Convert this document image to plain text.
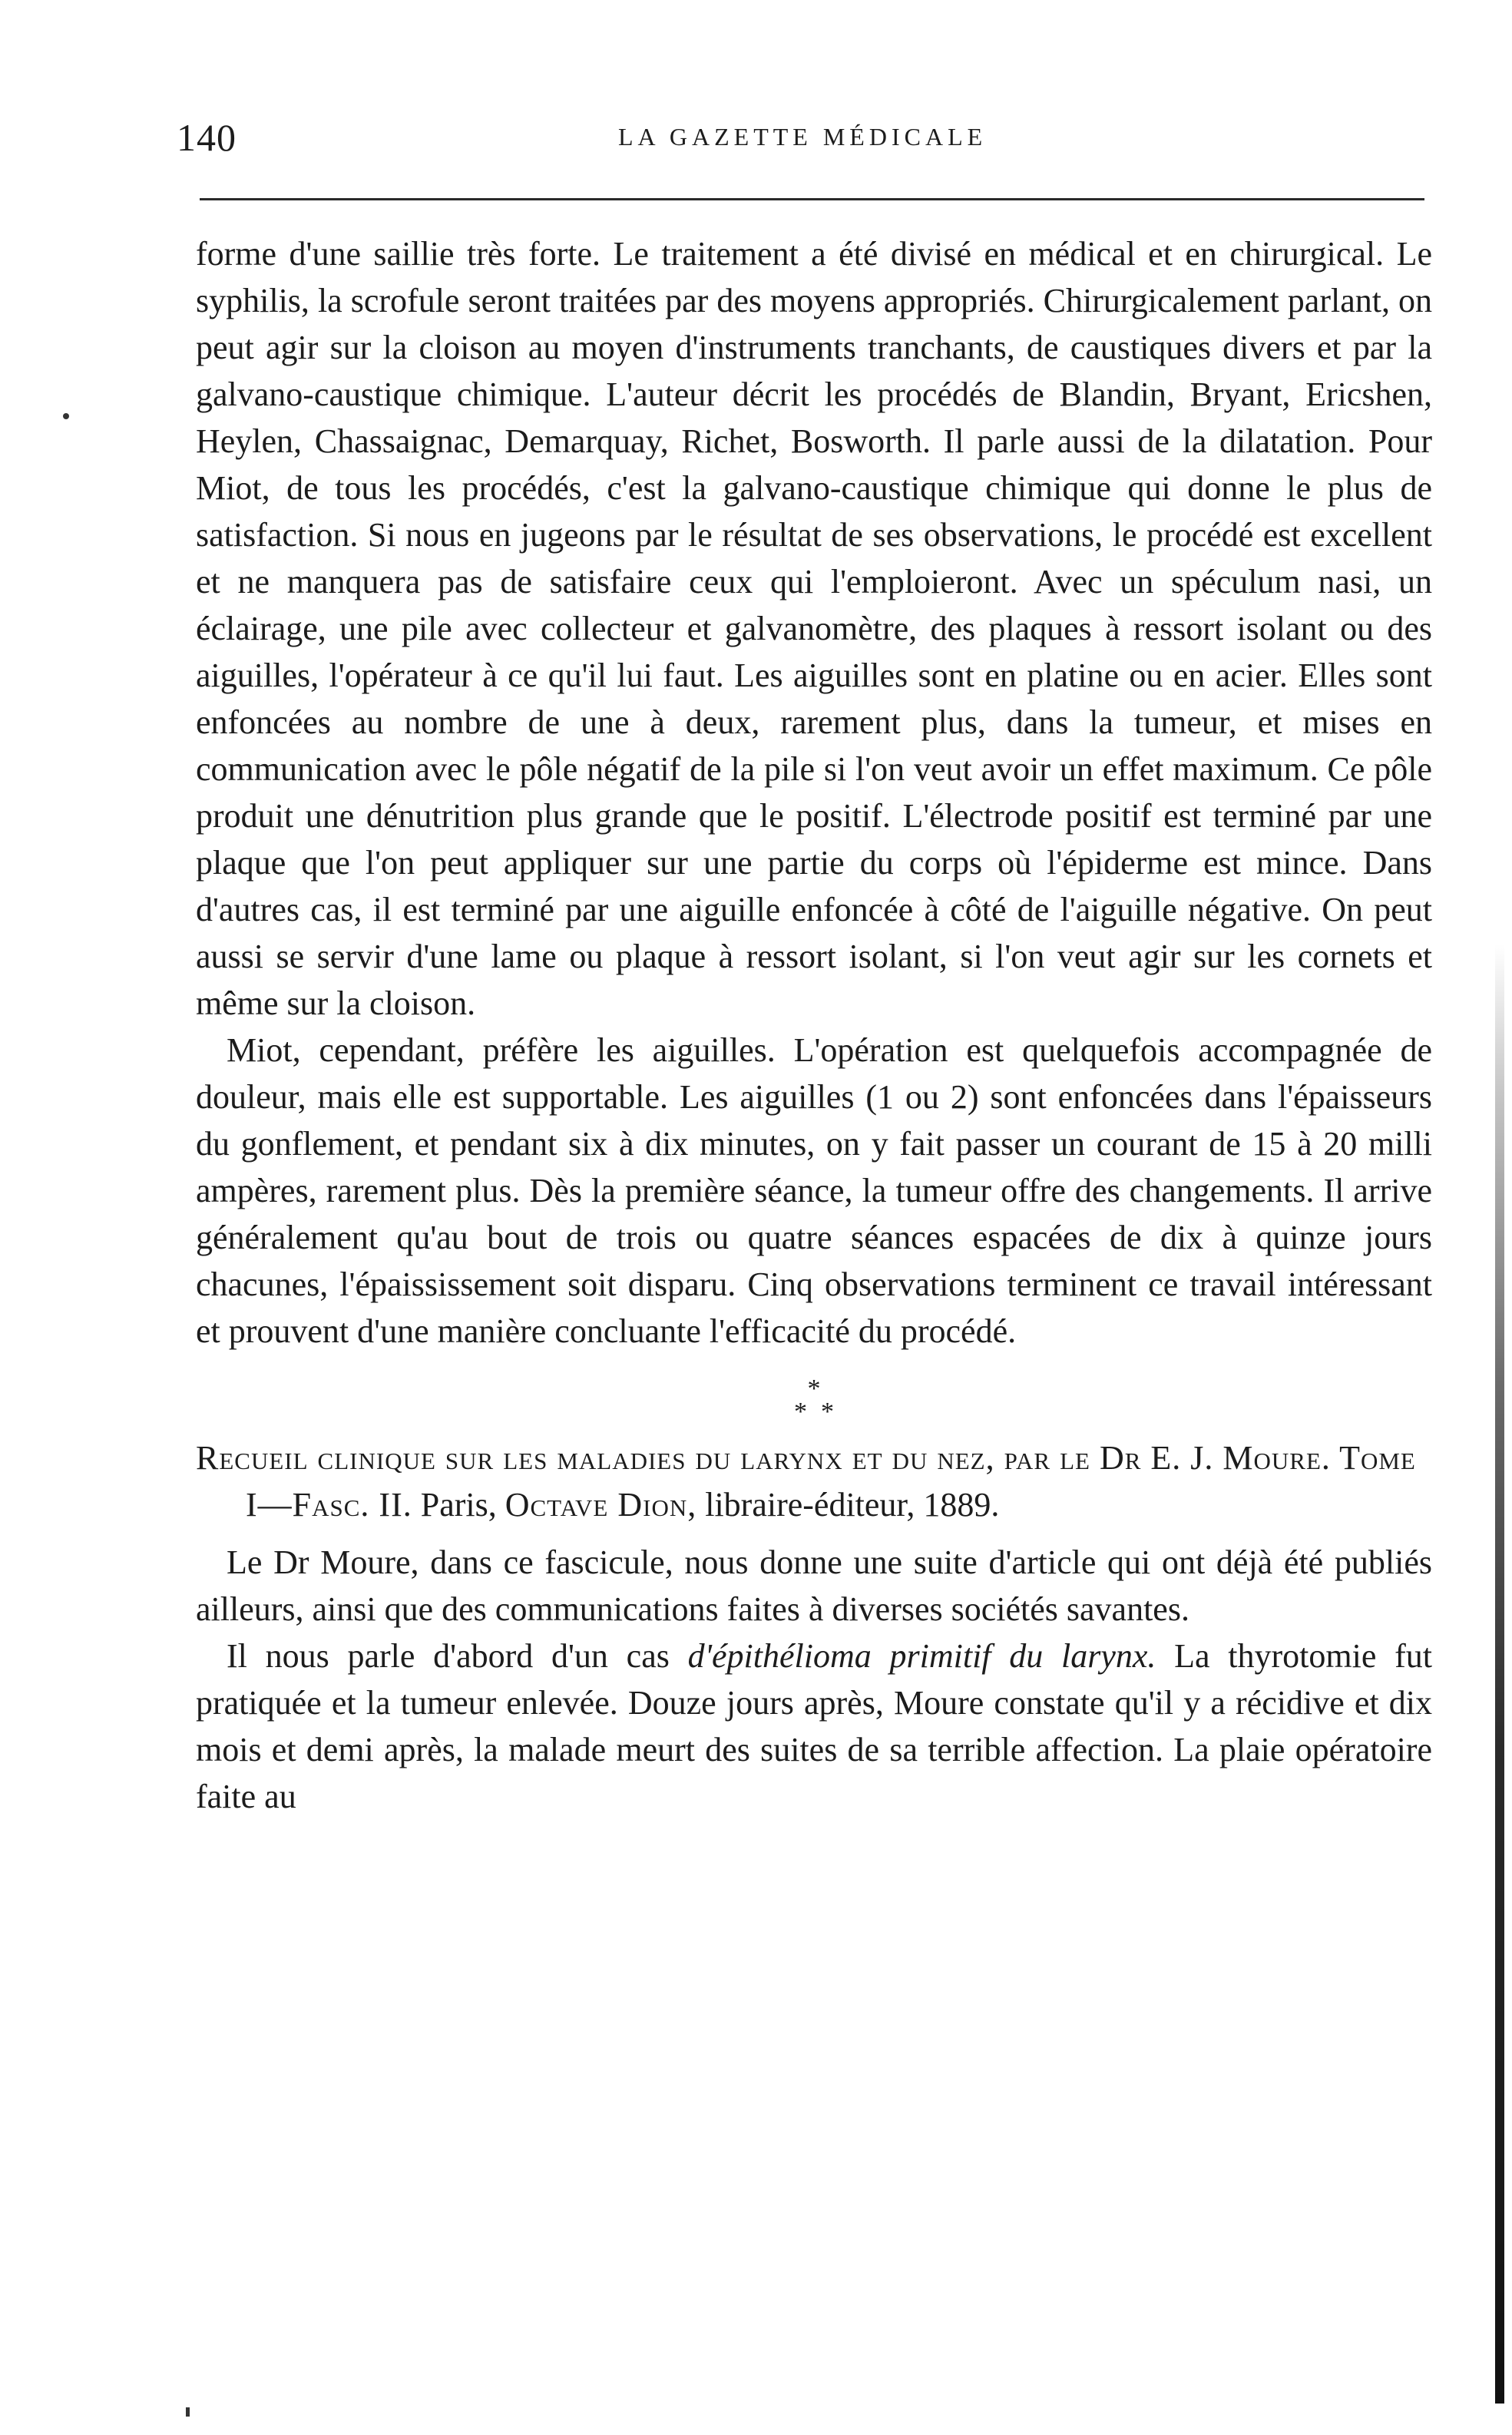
140	LA GAZETTE MÉDICALE

forme d'une saillie très forte. Le traitement a été divisé en médical et en chirurgical. Le syphilis, la scrofule seront traitées par des moyens appropriés. Chirurgicalement parlant, on peut agir sur la cloison au moyen d'instruments tranchants, de caustiques divers et par la galvano-caustique chimique. L'auteur décrit les procédés de Blandin, Bryant, Ericshen, Heylen, Chassaignac, Demarquay, Richet, Bosworth. Il parle aussi de la dilatation. Pour Miot, de tous les procédés, c'est la galvano-caustique chimique qui donne le plus de satisfaction. Si nous en jugeons par le résultat de ses observations, le procédé est excellent et ne manquera pas de satisfaire ceux qui l'emploieront. Avec un spéculum nasi, un éclairage, une pile avec collecteur et galvanomètre, des plaques à ressort isolant ou des aiguilles, l'opérateur à ce qu'il lui faut. Les aiguilles sont en platine ou en acier. Elles sont enfoncées au nombre de une à deux, rarement plus, dans la tumeur, et mises en communication avec le pôle négatif de la pile si l'on veut avoir un effet maximum. Ce pôle produit une dénutrition plus grande que le positif. L'électrode positif est terminé par une plaque que l'on peut appliquer sur une partie du corps où l'épiderme est mince. Dans d'autres cas, il est terminé par une aiguille enfoncée à côté de l'aiguille négative. On peut aussi se servir d'une lame ou plaque à ressort isolant, si l'on veut agir sur les cornets et même sur la cloison.

Miot, cependant, préfère les aiguilles. L'opération est quelquefois accompagnée de douleur, mais elle est supportable. Les aiguilles (1 ou 2) sont enfoncées dans l'épaisseurs du gonflement, et pendant six à dix minutes, on y fait passer un courant de 15 à 20 milli ampères, rarement plus. Dès la première séance, la tumeur offre des changements. Il arrive généralement qu'au bout de trois ou quatre séances espacées de dix à quinze jours chacunes, l'épaississement soit disparu. Cinq observations terminent ce travail intéressant et prouvent d'une manière concluante l'efficacité du procédé.

*
**

Recueil clinique sur les maladies du larynx et du nez, par le Dr E. J. Moure. Tome I—Fasc. II. Paris, Octave Dion, libraire-éditeur, 1889.

Le Dr Moure, dans ce fascicule, nous donne une suite d'article qui ont déjà été publiés ailleurs, ainsi que des communications faites à diverses sociétés savantes.

Il nous parle d'abord d'un cas d'épithélioma primitif du larynx. La thyrotomie fut pratiquée et la tumeur enlevée. Douze jours après, Moure constate qu'il y a récidive et dix mois et demi après, la malade meurt des suites de sa terrible affection. La plaie opératoire faite au
